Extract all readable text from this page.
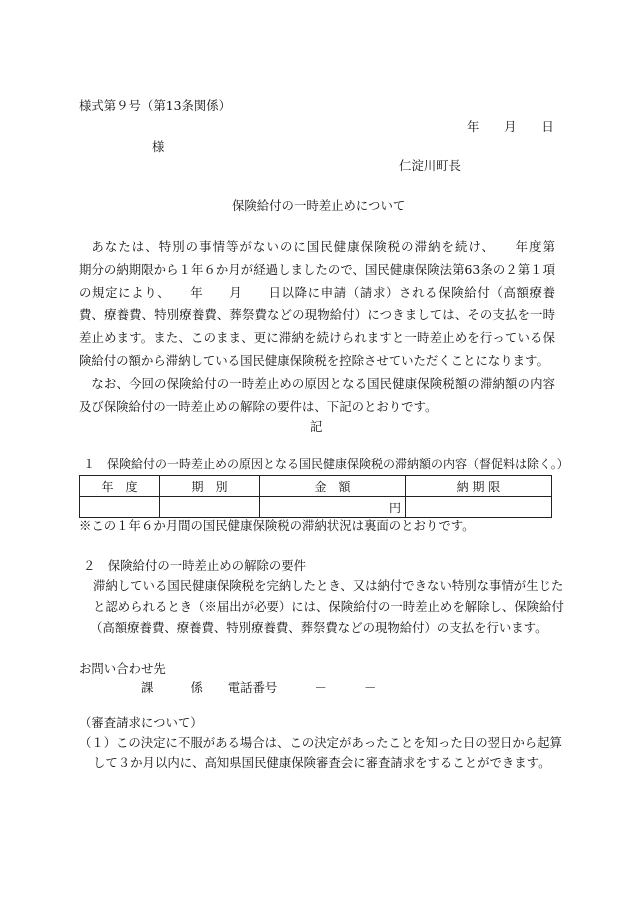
様式第９号（第13条関係）
年　　月　　日
様
仁淀川町長
保険給付の一時差止めについて

あなたは、特別の事情等がないのに国民健康保険税の滞納を続け、　　年度第　　期分の納期限から１年６か月が経過しましたので、国民健康保険法第63条の２第１項の規定により、　　年　　月　　日以降に申請（請求）される保険給付（高額療養費、療養費、特別療養費、葬祭費などの現物給付）につきましては、その支払を一時差止めます。また、このまま、更に滞納を続けられますと一時差止めを行っている保険給付の額から滞納している国民健康保険税を控除させていただくことになります。

なお、今回の保険給付の一時差止めの原因となる国民健康保険税額の滞納額の内容及び保険給付の一時差止めの解除の要件は、下記のとおりです。

記
１　保険給付の一時差止めの原因となる国民健康保険税の滞納額の内容（督促料は除く。）
年　度	期　別	金　額	納 期 限
		円	
※この１年６か月間の国民健康保険税の滞納状況は裏面のとおりです。
２　保険給付の一時差止めの解除の要件
滞納している国民健康保険税を完納したとき、又は納付できない特別な事情が生じた
と認められるとき（※届出が必要）には、保険給付の一時差止めを解除し、保険給付
（高額療養費、療養費、特別療養費、葬祭費などの現物給付）の支払を行います。
お問い合わせ先
課　　　係　　電話番号　　　－　　　－
（審査請求について）
（１） この決定に不服がある場合は、この決定があったことを知った日の翌日から起算
して３か月以内に、高知県国民健康保険審査会に審査請求をすることができます。
